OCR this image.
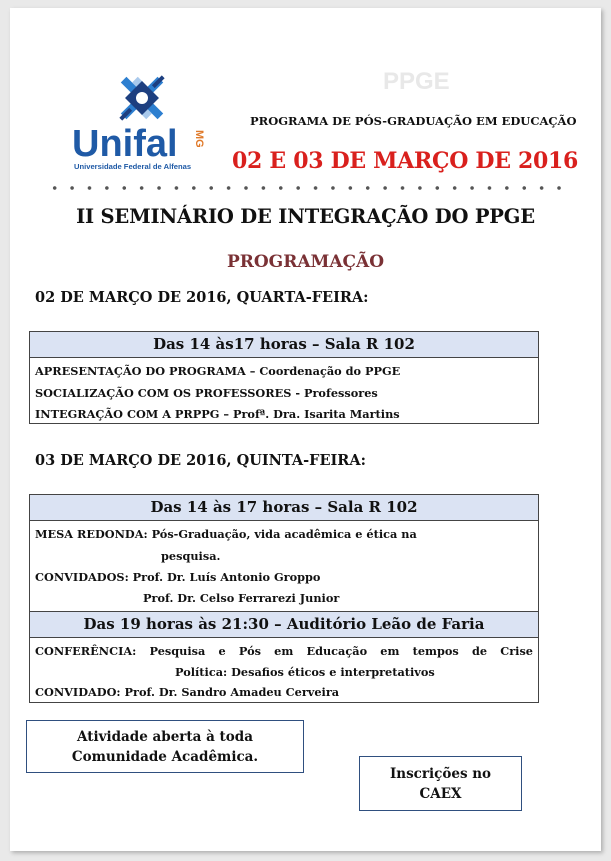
Unifal MG
Universidade Federal de Alfenas
PPGE
PROGRAMA DE PÓS-GRADUAÇÃO EM EDUCAÇÃO
02 E 03 DE MARÇO DE 2016
II SEMINÁRIO DE INTEGRAÇÃO DO PPGE
PROGRAMAÇÃO
02 DE MARÇO DE 2016, QUARTA-FEIRA:
Das 14 às17 horas – Sala R 102
APRESENTAÇÃO DO PROGRAMA – Coordenação do PPGE
SOCIALIZAÇÃO COM OS PROFESSORES - Professores
INTEGRAÇÃO COM A PRPPG – Profª. Dra. Isarita Martins
03 DE MARÇO DE 2016, QUINTA-FEIRA:
Das 14 às 17 horas – Sala R 102
MESA REDONDA: Pós-Graduação, vida acadêmica e ética na
pesquisa.
CONVIDADOS: Prof. Dr. Luís Antonio Groppo
Prof. Dr. Celso Ferrarezi Junior
Das 19 horas às 21:30 – Auditório Leão de Faria
CONFERÊNCIA: Pesquisa e Pós em Educação em tempos de Crise
Política: Desafios éticos e interpretativos
CONVIDADO: Prof. Dr. Sandro Amadeu Cerveira
Atividade aberta à toda
Comunidade Acadêmica.
Inscrições no
CAEX
